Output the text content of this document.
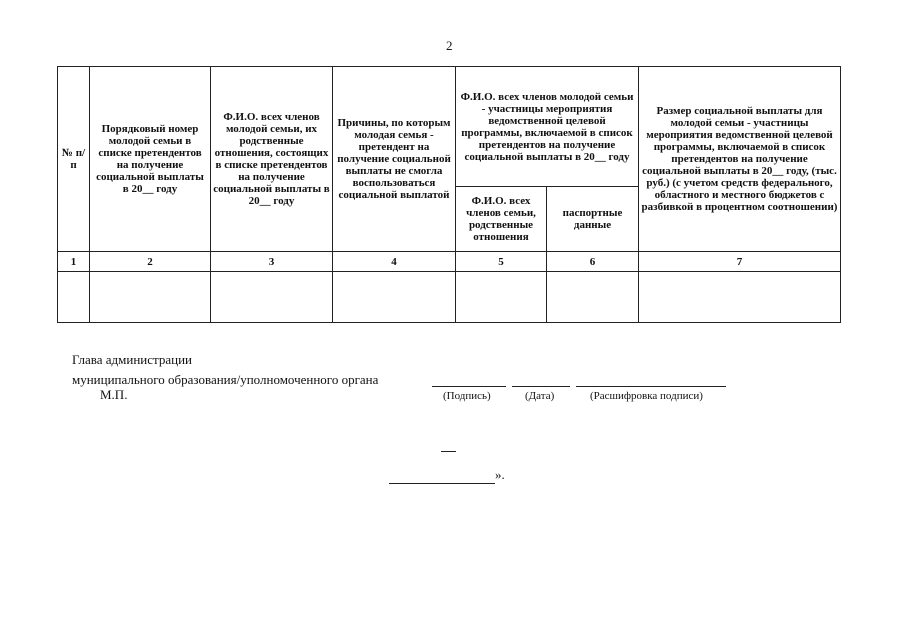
2
№ п/п	Порядковый номер молодой семьи в списке претендентов на получение социальной выплаты в 20__ году	Ф.И.О. всех членов молодой семьи, их родственные отношения, состоящих в списке претендентов на получение социальной выплаты в 20__ году	Причины, по которым молодая семья - претендент на получение социальной выплаты не смогла воспользоваться социальной выплатой	Ф.И.О. всех членов молодой семьи - участницы мероприятия ведомственной целевой программы, включаемой в список претендентов на получение социальной выплаты в 20__ году		Размер социальной выплаты для молодой семьи - участницы мероприятия ведомственной целевой программы, включаемой в список претендентов на получение социальной выплаты в 20__ году, (тыс. руб.) (с учетом средств федерального, областного и местного бюджетов с разбивкой в процентном соотношении)
				Ф.И.О. всех членов семьи, родственные отношения	паспортные данные	
1	2	3	4	5	6	7

Глава администрации
муниципального образования/уполномоченного органа
М.П.	(Подпись)	(Дата)	(Расшифровка подписи)
».
